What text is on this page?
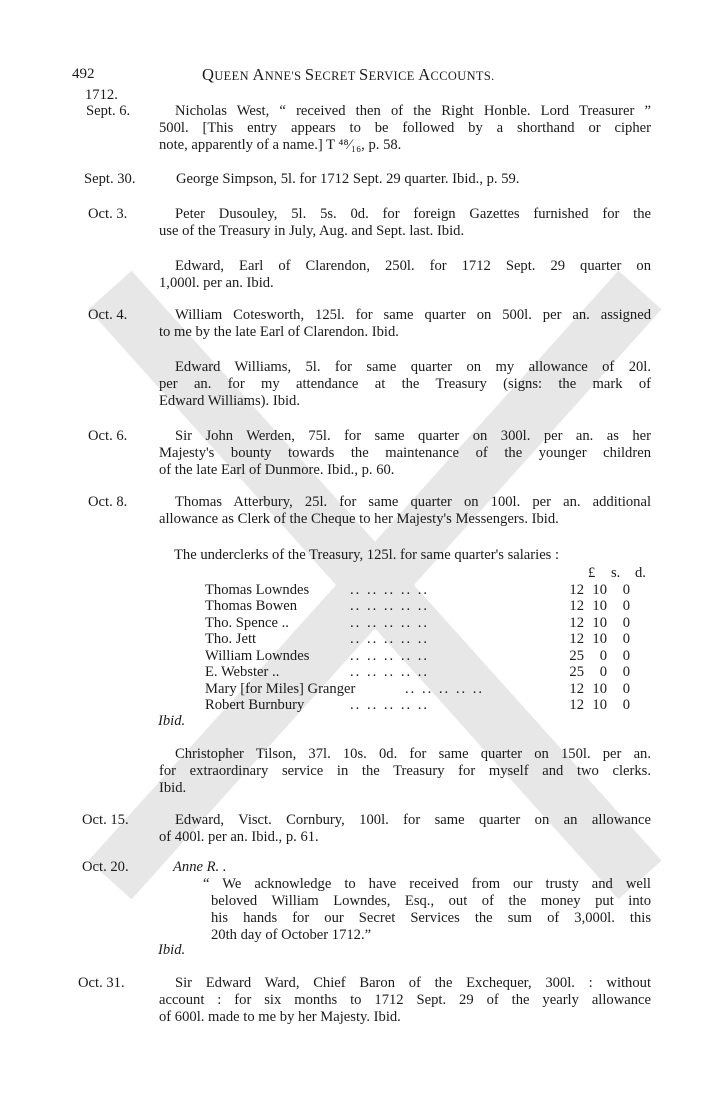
492	QUEEN ANNE'S SECRET SERVICE ACCOUNTS.
1712.
Sept. 6.	Nicholas West, “ received then of the Right Honble. Lord Treasurer ”
500l. [This entry appears to be followed by a shorthand or cipher
note, apparently of a name.] T ⁴⁸⁄₁₆, p. 58.
Sept. 30.	George Simpson, 5l. for 1712 Sept. 29 quarter. Ibid., p. 59.
Oct. 3.	Peter Dusouley, 5l. 5s. 0d. for foreign Gazettes furnished for the
use of the Treasury in July, Aug. and Sept. last. Ibid.
Edward, Earl of Clarendon, 250l. for 1712 Sept. 29 quarter on
1,000l. per an. Ibid.
Oct. 4.	William Cotesworth, 125l. for same quarter on 500l. per an. assigned
to me by the late Earl of Clarendon. Ibid.
Edward Williams, 5l. for same quarter on my allowance of 20l.
per an. for my attendance at the Treasury (signs: the mark of
Edward Williams). Ibid.
Oct. 6.	Sir John Werden, 75l. for same quarter on 300l. per an. as her
Majesty's bounty towards the maintenance of the younger children
of the late Earl of Dunmore. Ibid., p. 60.
Oct. 8.	Thomas Atterbury, 25l. for same quarter on 100l. per an. additional
allowance as Clerk of the Cheque to her Majesty's Messengers. Ibid.
The underclerks of the Treasury, 125l. for same quarter's salaries :
£ s. d.
Thomas Lowndes	.. .. .. .. ..	12 10	0
Thomas Bowen	.. .. .. .. ..	12 10	0
Tho. Spence ..	.. .. .. .. ..	12 10	0
Tho. Jett	.. .. .. .. ..	12 10	0
William Lowndes	.. .. .. .. ..	25	0	0
E. Webster ..	.. .. .. .. ..	25	0	0
Mary [for Miles] Granger	.. .. .. .. ..	12 10	0
Robert Burnbury	.. .. .. .. ..	12 10	0
Ibid.
Christopher Tilson, 37l. 10s. 0d. for same quarter on 150l. per an.
for extraordinary service in the Treasury for myself and two clerks.
Ibid.
Oct. 15.	Edward, Visct. Cornbury, 100l. for same quarter on an allowance
of 400l. per an. Ibid., p. 61.
Oct. 20.	Anne R. .
“ We acknowledge to have received from our trusty and well
beloved William Lowndes, Esq., out of the money put into
his hands for our Secret Services the sum of 3,000l. this
20th day of October 1712.”
Ibid.
Oct. 31.	Sir Edward Ward, Chief Baron of the Exchequer, 300l. : without
account : for six months to 1712 Sept. 29 of the yearly allowance
of 600l. made to me by her Majesty. Ibid.
